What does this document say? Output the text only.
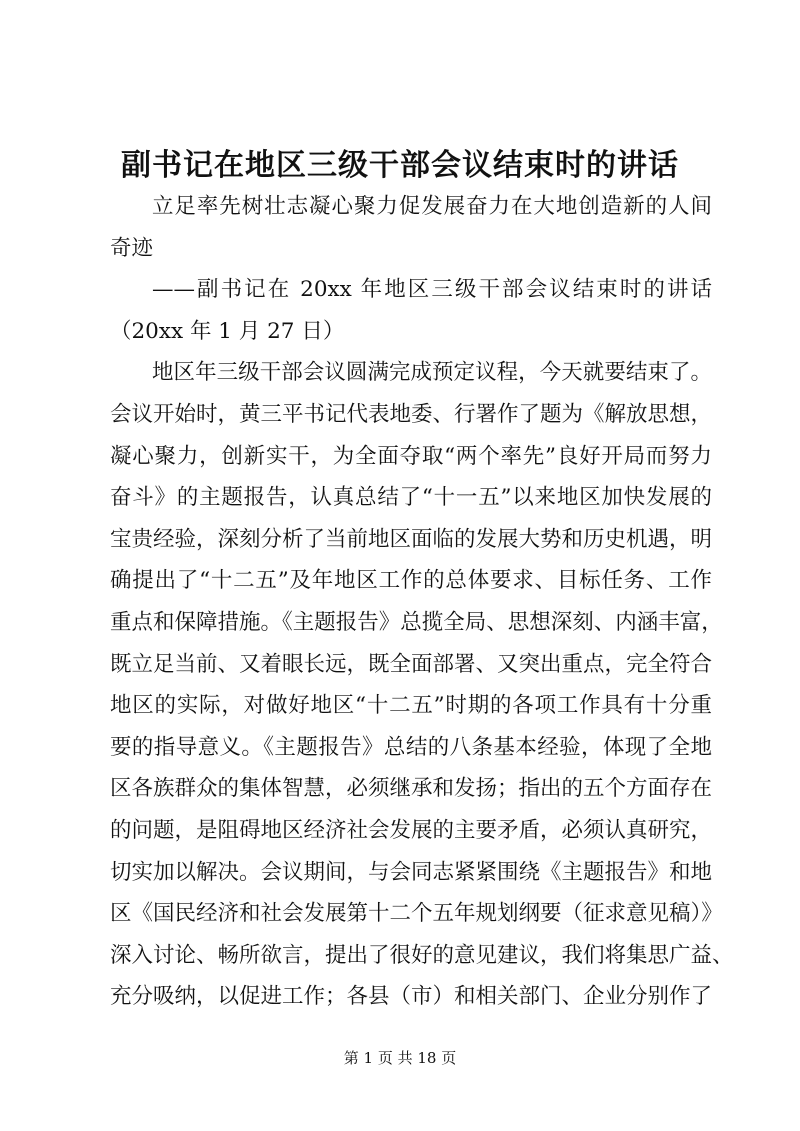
副书记在地区三级干部会议结束时的讲话
立足率先树壮志凝心聚力促发展奋力在大地创造新的人间
奇迹
——副书记在 20xx 年地区三级干部会议结束时的讲话
（20xx 年 1 月 27 日）
地区年三级干部会议圆满完成预定议程，今天就要结束了。
会议开始时，黄三平书记代表地委、行署作了题为《解放思想，
凝心聚力，创新实干，为全面夺取“两个率先”良好开局而努力
奋斗》的主题报告，认真总结了“十一五”以来地区加快发展的
宝贵经验，深刻分析了当前地区面临的发展大势和历史机遇，明
确提出了“十二五”及年地区工作的总体要求、目标任务、工作
重点和保障措施。《主题报告》总揽全局、思想深刻、内涵丰富，
既立足当前、又着眼长远，既全面部署、又突出重点，完全符合
地区的实际，对做好地区“十二五”时期的各项工作具有十分重
要的指导意义。《主题报告》总结的八条基本经验，体现了全地
区各族群众的集体智慧，必须继承和发扬；指出的五个方面存在
的问题，是阻碍地区经济社会发展的主要矛盾，必须认真研究，
切实加以解决。会议期间，与会同志紧紧围绕《主题报告》和地
区《国民经济和社会发展第十二个五年规划纲要（征求意见稿）》
深入讨论、畅所欲言，提出了很好的意见建议，我们将集思广益、
充分吸纳，以促进工作；各县（市）和相关部门、企业分别作了
第 1 页 共 18 页
